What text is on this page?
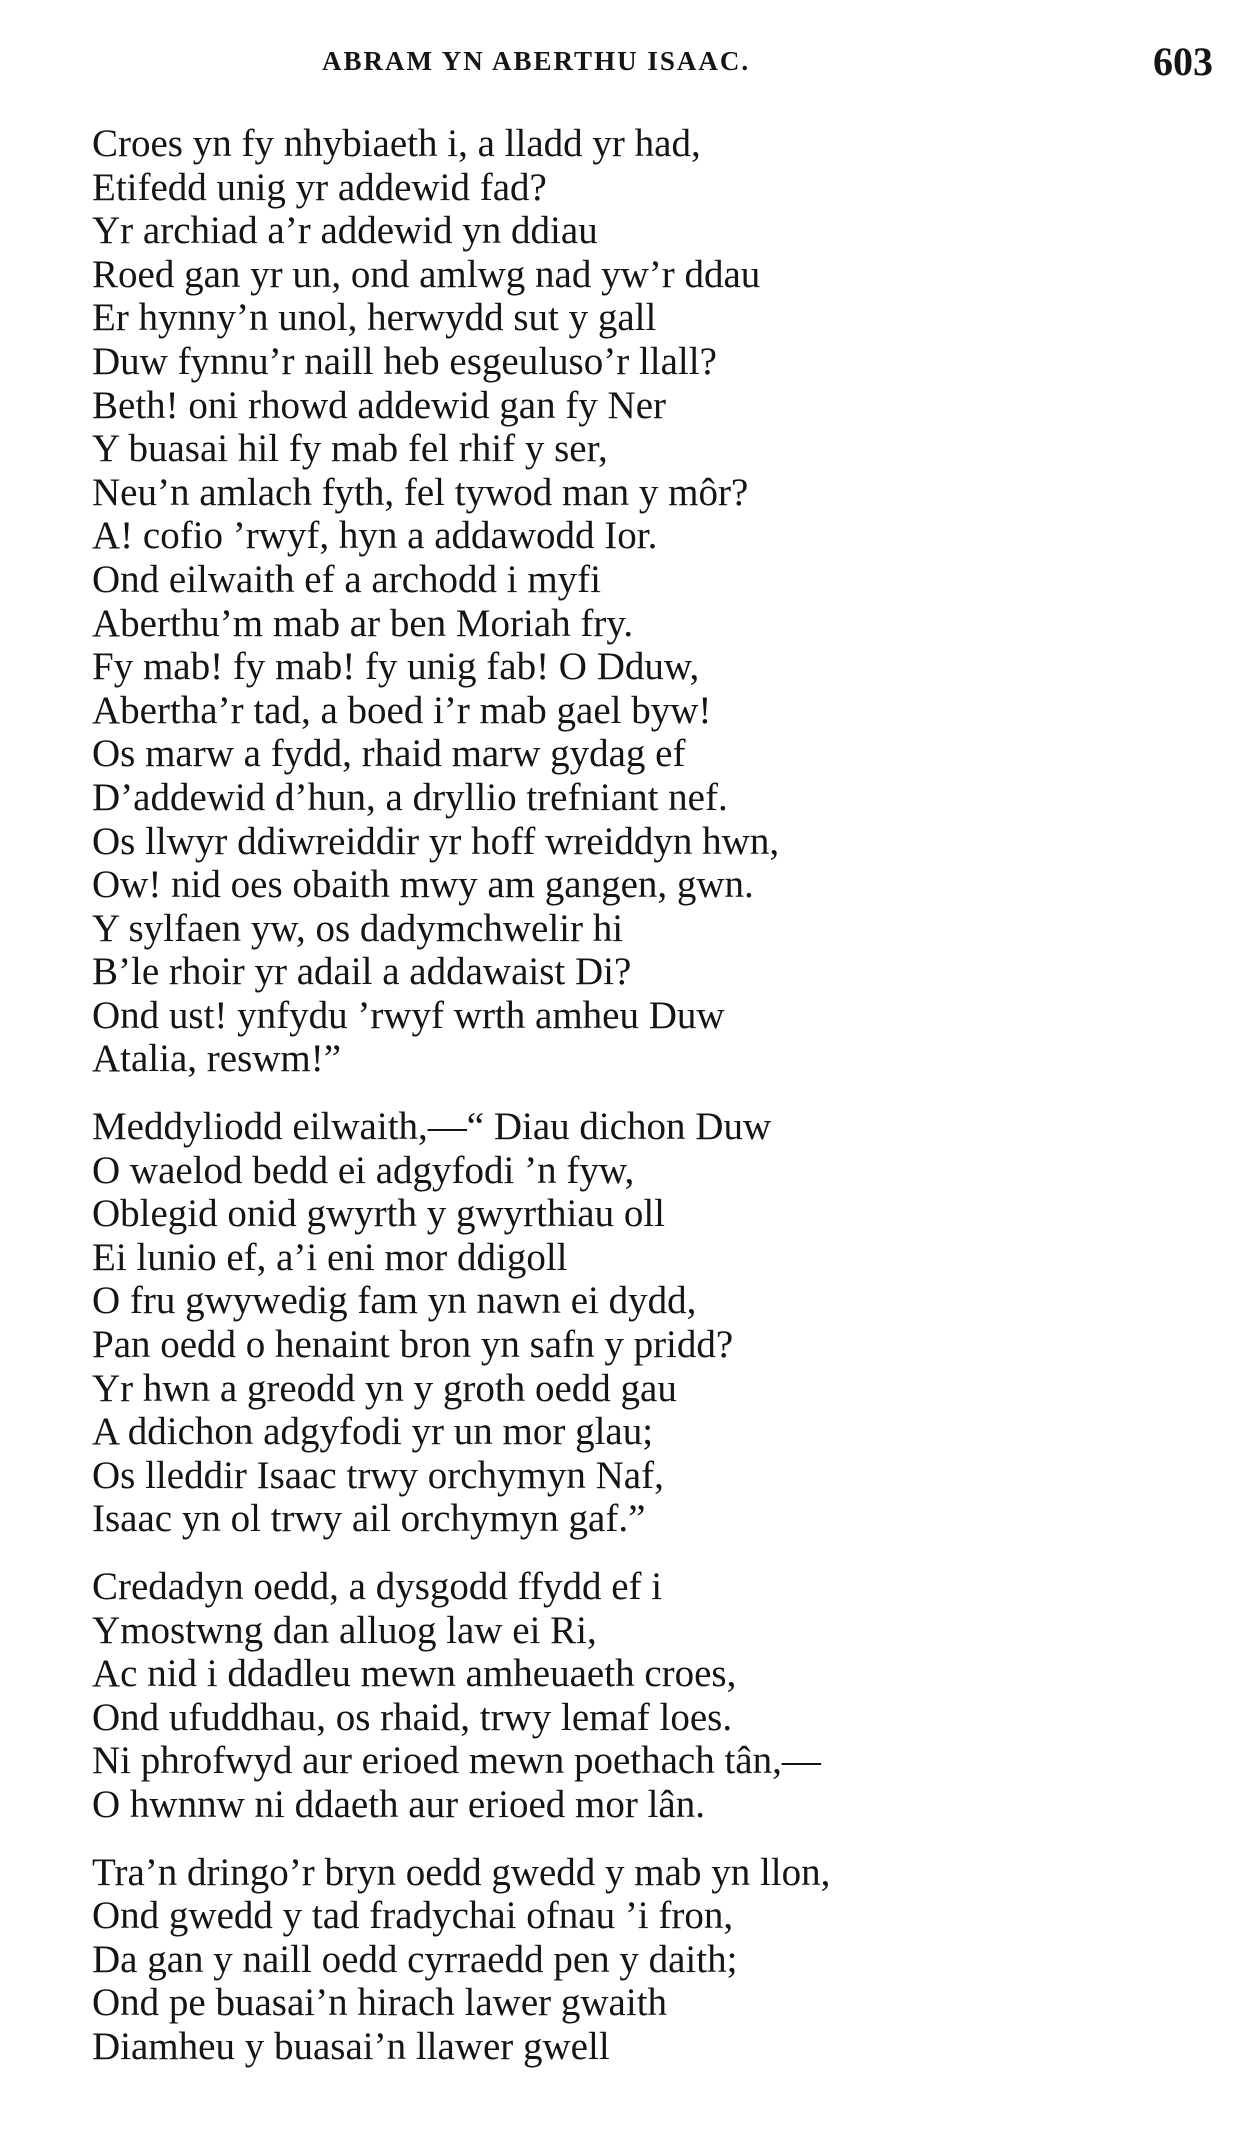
ABRAM YN ABERTHU ISAAC.	603
Croes yn fy nhybiaeth i, a lladd yr had,
Etifedd unig yr addewid fad?
Yr archiad a’r addewid yn ddiau
Roed gan yr un, ond amlwg nad yw’r ddau
Er hynny’n unol, herwydd sut y gall
Duw fynnu’r naill heb esgeuluso’r llall?
Beth! oni rhowd addewid gan fy Ner
Y buasai hil fy mab fel rhif y ser,
Neu’n amlach fyth, fel tywod man y môr?
A! cofio ’rwyf, hyn a addawodd Ior.
Ond eilwaith ef a archodd i myfi
Aberthu’m mab ar ben Moriah fry.
Fy mab! fy mab! fy unig fab! O Dduw,
Abertha’r tad, a boed i’r mab gael byw!
Os marw a fydd, rhaid marw gydag ef
D’addewid d’hun, a dryllio trefniant nef.
Os llwyr ddiwreiddir yr hoff wreiddyn hwn,
Ow! nid oes obaith mwy am gangen, gwn.
Y sylfaen yw, os dadymchwelir hi
B’le rhoir yr adail a addawaist Di?
Ond ust! ynfydu ’rwyf wrth amheu Duw
Atalia, reswm!”
Meddyliodd eilwaith,—“ Diau dichon Duw
O waelod bedd ei adgyfodi ’n fyw,
Oblegid onid gwyrth y gwyrthiau oll
Ei lunio ef, a’i eni mor ddigoll
O fru gwywedig fam yn nawn ei dydd,
Pan oedd o henaint bron yn safn y pridd?
Yr hwn a greodd yn y groth oedd gau
A ddichon adgyfodi yr un mor glau;
Os lleddir Isaac trwy orchymyn Naf,
Isaac yn ol trwy ail orchymyn gaf.”
Credadyn oedd, a dysgodd ffydd ef i
Ymostwng dan alluog law ei Ri,
Ac nid i ddadleu mewn amheuaeth croes,
Ond ufuddhau, os rhaid, trwy lemaf loes.
Ni phrofwyd aur erioed mewn poethach tân,—
O hwnnw ni ddaeth aur erioed mor lân.
Tra’n dringo’r bryn oedd gwedd y mab yn llon,
Ond gwedd y tad fradychai ofnau ’i fron,
Da gan y naill oedd cyrraedd pen y daith;
Ond pe buasai’n hirach lawer gwaith
Diamheu y buasai’n llawer gwell
